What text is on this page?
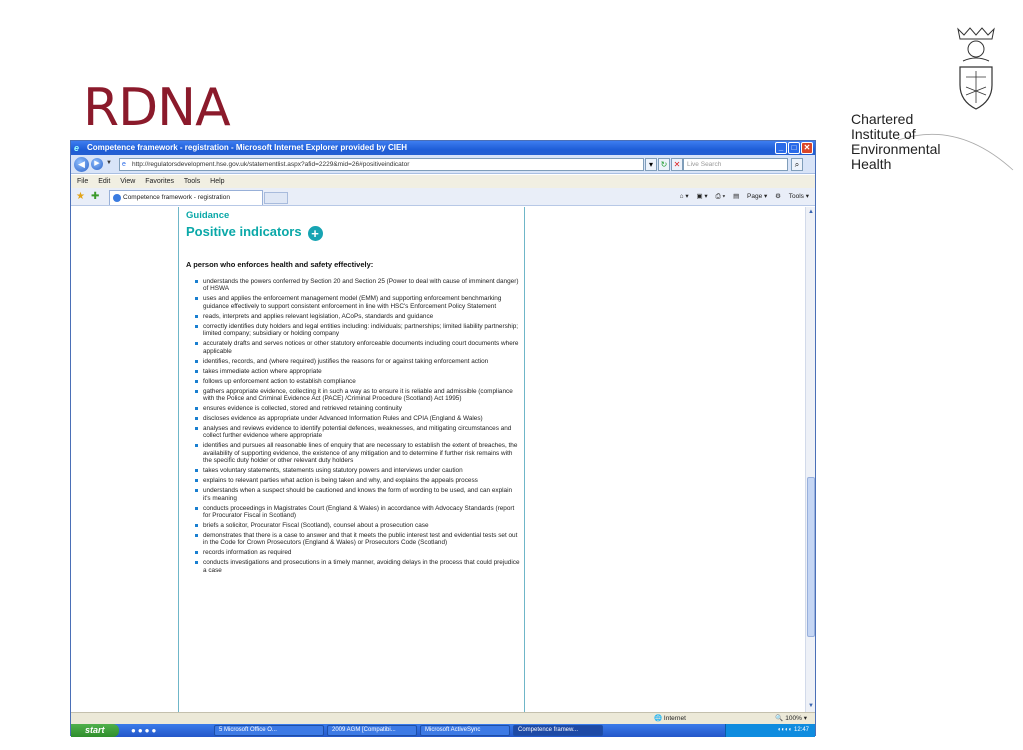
RDNA	Chartered
Institute of
Environmental
Health
e Competence framework - registration - Microsoft Internet Explorer provided by CIEH	_	□ ✕
◀	▶	▼ e http://regulatorsdevelopment.hse.gov.uk/statementlist.aspx?afid=2229&mid=26#positiveindicator	▾ ↻	Live Search
✕	⌕
File Edit View Favorites Tools Help
★ ✚	Competence framework - registration	⌂ ▾ ▣ ▾ ⎙ ▾ ▤ Page ▾ ⚙ Tools ▾
Guidance
Positive indicators +
A person who enforces health and safety effectively:
understands the powers conferred by Section 20 and Section 25 (Power to deal with cause of imminent danger) of HSWA
uses and applies the enforcement management model (EMM) and supporting enforcement benchmarking guidance effectively to support consistent enforcement in line with HSC's Enforcement Policy Statement
reads, interprets and applies relevant legislation, ACoPs, standards and guidance
correctly identifies duty holders and legal entities including: individuals; partnerships; limited liability partnership; limited company; subsidiary or holding company
accurately drafts and serves notices or other statutory enforceable documents including court documents where applicable
identifies, records, and (where required) justifies the reasons for or against taking enforcement action
takes immediate action where appropriate
follows up enforcement action to establish compliance
gathers appropriate evidence, collecting it in such a way as to ensure it is reliable and admissible (compliance with the Police and Criminal Evidence Act (PACE) /Criminal Procedure (Scotland) Act 1995)
ensures evidence is collected, stored and retrieved retaining continuity
discloses evidence as appropriate under Advanced Information Rules and CPIA (England & Wales)
analyses and reviews evidence to identify potential defences, weaknesses, and mitigating circumstances and collect further evidence where appropriate
identifies and pursues all reasonable lines of enquiry that are necessary to establish the extent of breaches, the availability of supporting evidence, the existence of any mitigation and to determine if further risk remains with the specific duty holder or other relevant duty holders
takes voluntary statements, statements using statutory powers and interviews under caution
explains to relevant parties what action is being taken and why, and explains the appeals process
understands when a suspect should be cautioned and knows the form of wording to be used, and can explain it's meaning
conducts proceedings in Magistrates Court (England & Wales) in accordance with Advocacy Standards (report for Procurator Fiscal in Scotland)
briefs a solicitor, Procurator Fiscal (Scotland), counsel about a prosecution case
demonstrates that there is a case to answer and that it meets the public interest test and evidential tests set out in the Code for Crown Prosecutors (England & Wales) or Prosecutors Code (Scotland)
records information as required
conducts investigations and prosecutions in a timely manner, avoiding delays in the process that could prejudice a case
▲
▼
🌐 Internet	🔍 100% ▾
start	●●●●	5 Microsoft Office O...	2009 AGM [Compatibi...	Microsoft ActiveSync	Competence framew...	◐◐◐◐ 12:47
